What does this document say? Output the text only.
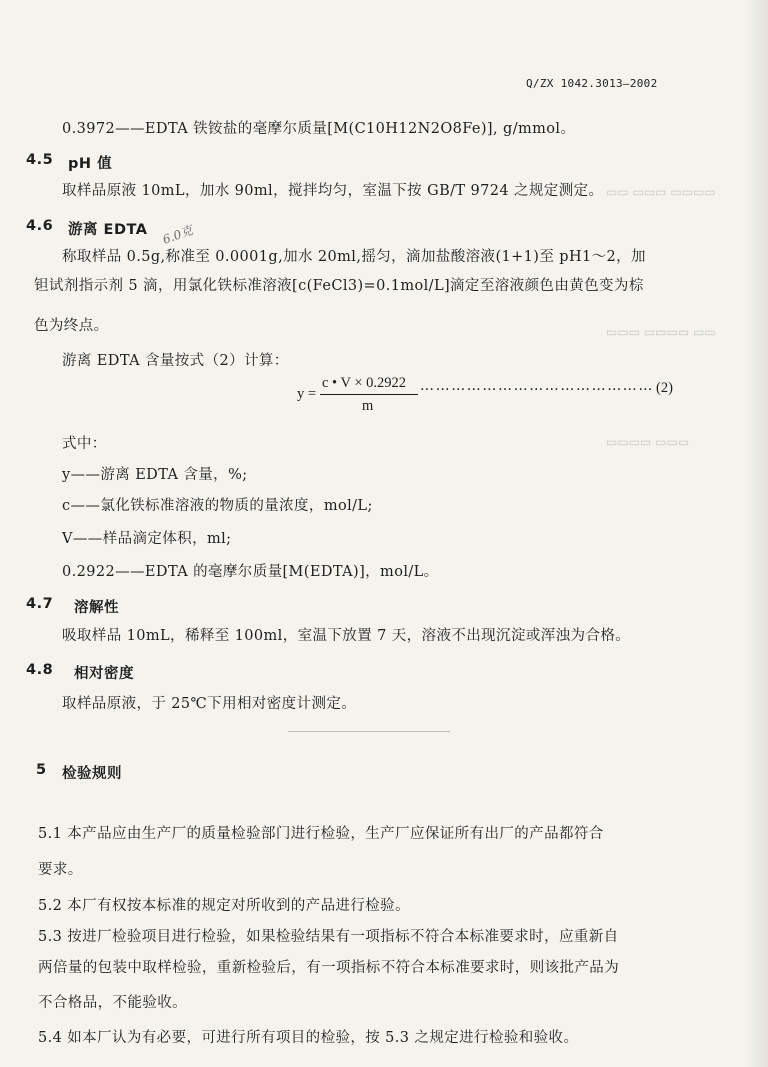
▭▭ ▭▭▭ ▭▭▭▭
▭▭▭ ▭▭▭▭ ▭▭
▭▭▭▭ ▭▭▭
Q/ZX 1042.3013—2002
0.3972——EDTA 铁铵盐的毫摩尔质量[M(C10H12N2O8Fe)], g/mmol。
4.5 pH 值
取样品原液 10mL，加水 90ml，搅拌均匀，室温下按 GB/T 9724 之规定测定。
4.6 游离 EDTA 6.0克
称取样品 0.5g,称准至 0.0001g,加水 20ml,摇匀，滴加盐酸溶液(1+1)至 pH1～2，加
钽试剂指示剂 5 滴，用氯化铁标准溶液[c(FeCl3)=0.1mol/L]滴定至溶液颜色由黄色变为棕
色为终点。
游离 EDTA 含量按式（2）计算：
y =
c • V × 0.2922
m
……………………………………… (2)
式中：
y——游离 EDTA 含量，%;
c——氯化铁标准溶液的物质的量浓度，mol/L;
V——样品滴定体积，ml;
0.2922——EDTA 的毫摩尔质量[M(EDTA)]，mol/L。
4.7 溶解性
吸取样品 10mL，稀释至 100ml，室温下放置 7 天，溶液不出现沉淀或浑浊为合格。
4.8 相对密度
取样品原液，于 25℃下用相对密度计测定。
5 检验规则
5.1 本产品应由生产厂的质量检验部门进行检验，生产厂应保证所有出厂的产品都符合
要求。
5.2 本厂有权按本标准的规定对所收到的产品进行检验。
5.3 按进厂检验项目进行检验，如果检验结果有一项指标不符合本标准要求时，应重新自
两倍量的包装中取样检验，重新检验后，有一项指标不符合本标准要求时，则该批产品为
不合格品，不能验收。
5.4 如本厂认为有必要，可进行所有项目的检验，按 5.3 之规定进行检验和验收。
